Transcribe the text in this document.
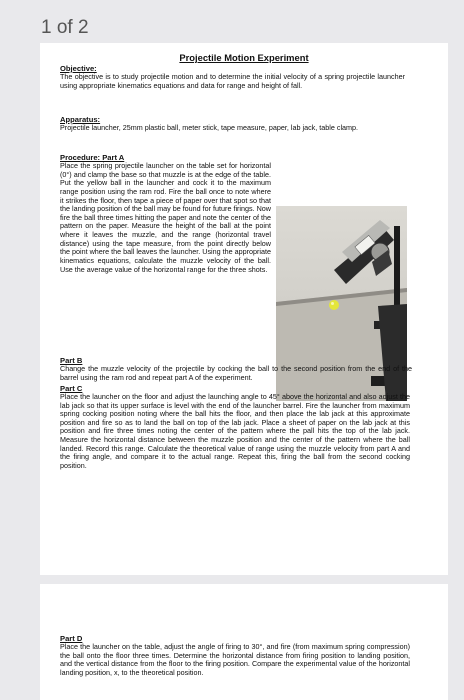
1 of 2
Projectile Motion Experiment
Objective:
The objective is to study projectile motion and to determine the initial velocity of a spring projectile launcher using appropriate kinematics equations and data for range and height of fall.
Apparatus:
Projectile launcher, 25mm plastic ball, meter stick, tape measure, paper, lab jack, table clamp.
Procedure: Part A
Place the spring projectile launcher on the table set for horizontal (0°) and clamp the base so that muzzle is at the edge of the table. Put the yellow ball in the launcher and cock it to the maximum range position using the ram rod. Fire the ball once to note where it strikes the floor, then tape a piece of paper over that spot so that the landing position of the ball may be found for future firings. Now fire the ball three times hitting the paper and note the center of the pattern on the paper. Measure the height of the ball at the point where it leaves the muzzle, and the range (horizontal travel distance) using the tape measure, from the point directly below the point where the ball leaves the launcher. Using the appropriate kinematics equations, calculate the muzzle velocity of the ball. Use the average value of the horizontal range for the three shots.
Part B
Change the muzzle velocity of the projectile by cocking the ball to the second position from the end of the barrel using the ram rod and repeat part A of the experiment.
Part C
Place the launcher on the floor and adjust the launching angle to 45° above the horizontal and also adjust the lab jack so that its upper surface is level with the end of the launcher barrel. Fire the launcher from maximum spring cocking position noting where the ball hits the floor, and then place the lab jack at this approximate position and fire so as to land the ball on top of the lab jack. Place a sheet of paper on the lab jack at this position and fire three times noting the center of the pattern where the pall hits the top of the lab jack. Measure the horizontal distance between the muzzle position and the center of the pattern where the ball landed. Record this range. Calculate the theoretical value of range using the muzzle velocity from part A and the firing angle, and compare it to the actual range. Repeat this, firing the ball from the second cocking position.
Part D
Place the launcher on the table, adjust the angle of firing to 30°, and fire (from maximum spring compression) the ball onto the floor three times. Determine the horizontal distance from firing position to landing position, and the vertical distance from the floor to the firing position. Compare the experimental value of the horizontal landing position, x, to the theoretical position.
